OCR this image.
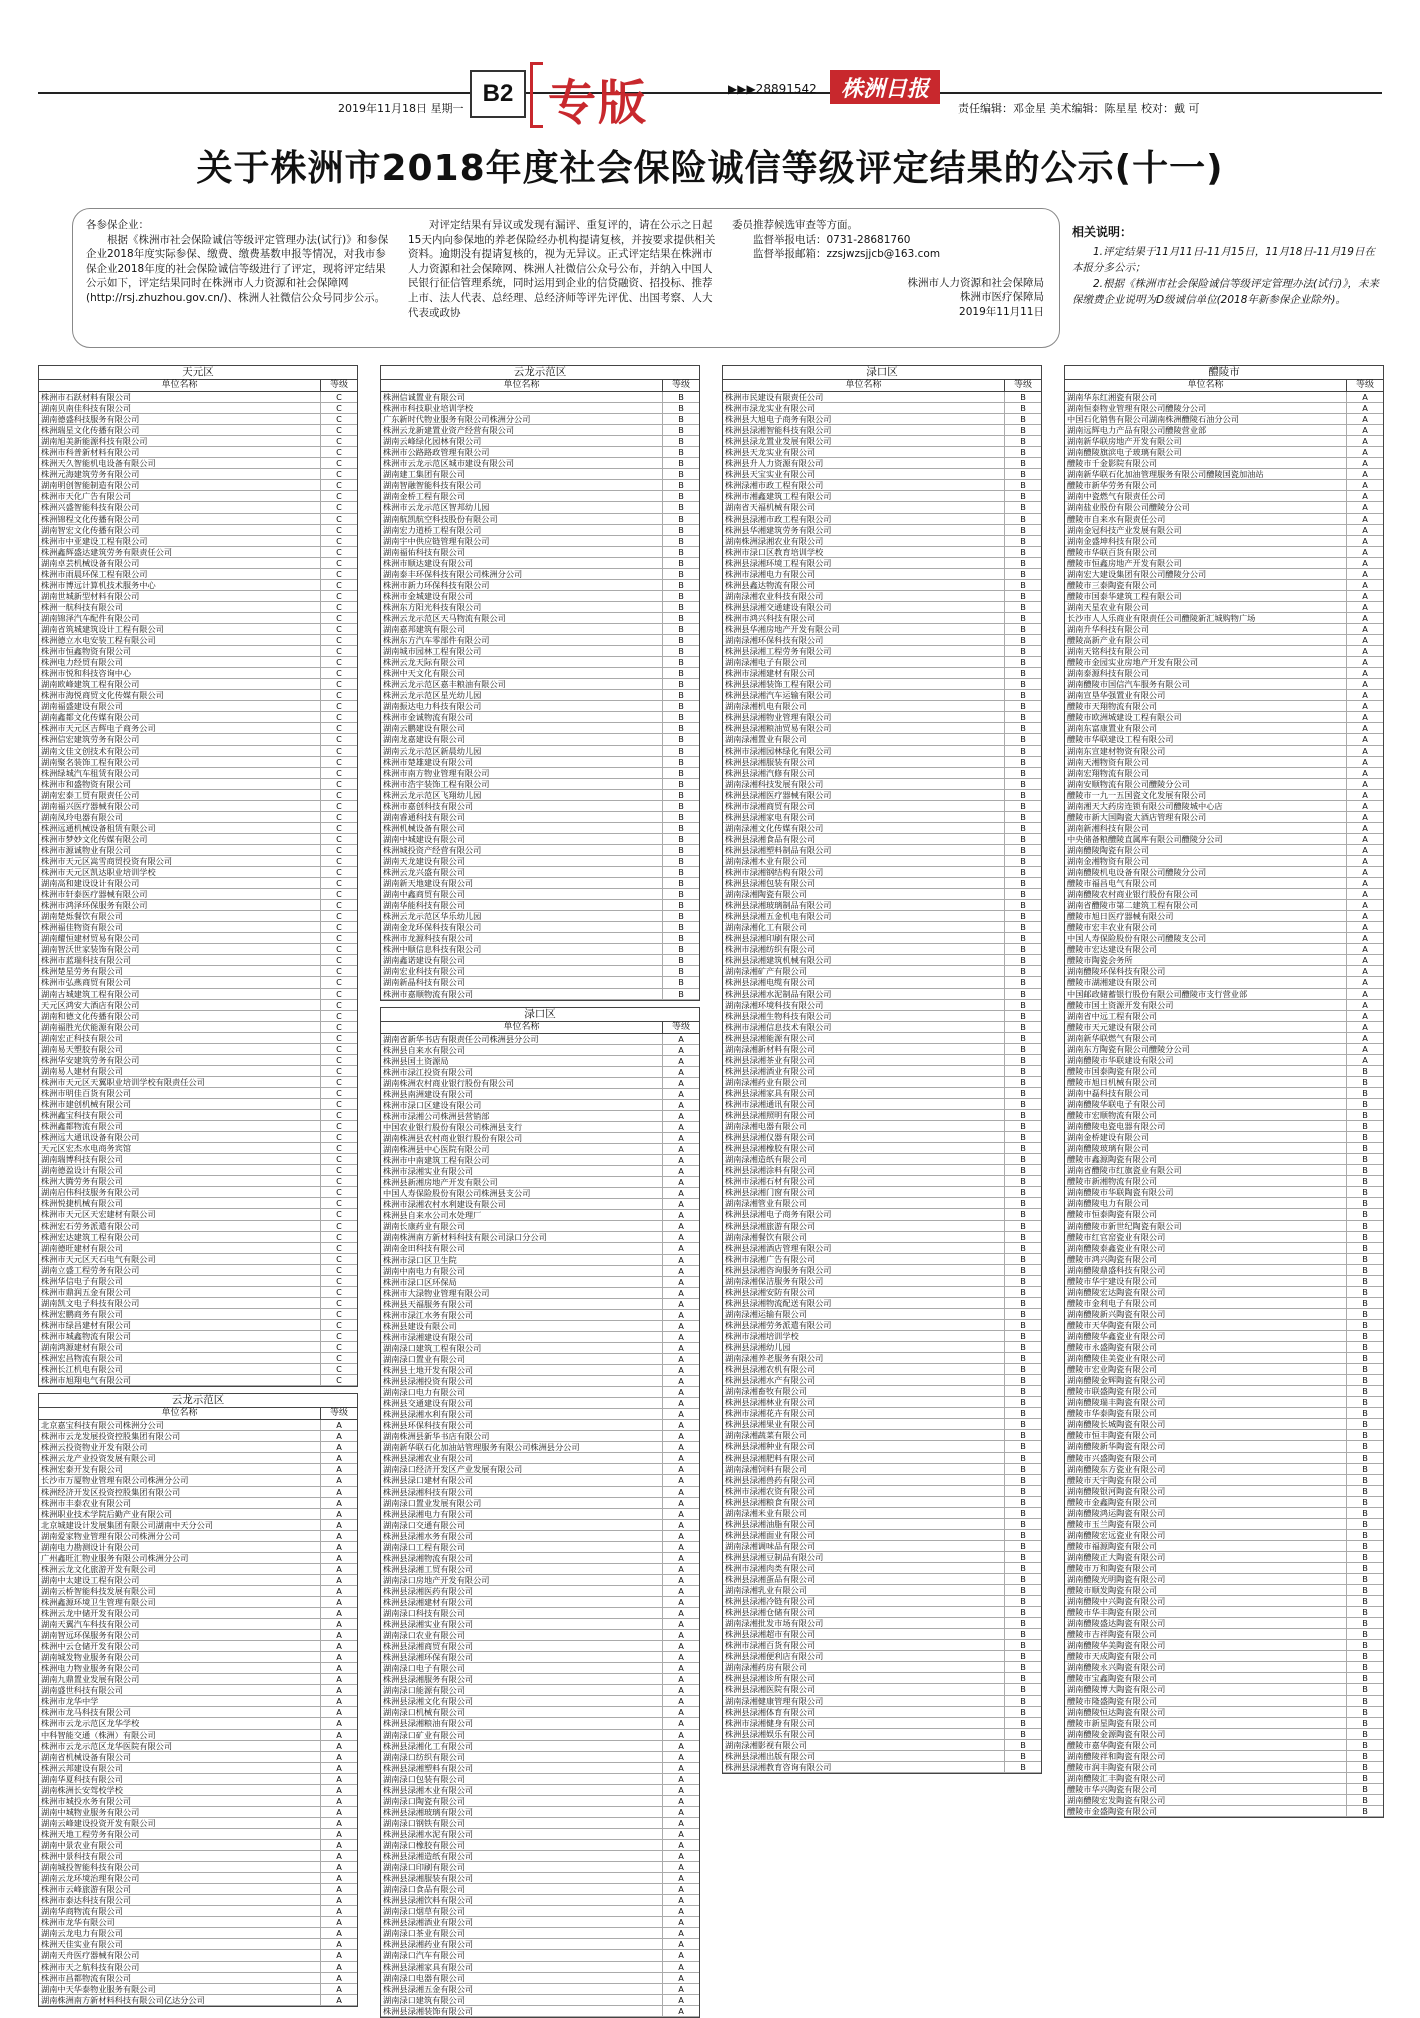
2019年11月18日 星期一
B2 专版	▶▶▶28891542	株洲日报
责任编辑：邓金星 美术编辑：陈星星 校对：戴 可
关于株洲市2018年度社会保险诚信等级评定结果的公示(十一)

各参保企业：

根据《株洲市社会保险诚信等级评定管理办法(试行)》和参保企业2018年度实际参保、缴费、缴费基数申报等情况，对我市参保企业2018年度的社会保险诚信等级进行了评定，现将评定结果公示如下，评定结果同时在株洲市人力资源和社会保障网(http://rsj.zhuzhou.gov.cn/)、株洲人社微信公众号同步公示。

对评定结果有异议或发现有漏评、重复评的，请在公示之日起15天内向参保地的养老保险经办机构提请复核，并按要求提供相关资料。逾期没有提请复核的，视为无异议。正式评定结果在株洲市人力资源和社会保障网、株洲人社微信公众号公布，并纳入中国人民银行征信管理系统，同时运用到企业的信贷融资、招投标、推荐上市、法人代表、总经理、总经济师等评先评优、出国考察、人大代表或政协

委员推荐候选审查等方面。

监督举报电话：0731-28681760

监督举报邮箱：zzsjwzsjjcb@163.com

株洲市人力资源和社会保障局

株洲市医疗保障局

2019年11月11日

相关说明：

1.评定结果于11月11日-11月15日，11月18日-11月19日在本报分多公示；

2.根据《株洲市社会保险诚信等级评定管理办法(试行)》，未来保缴费企业说明为D级诚信单位(2018年新参保企业除外)。

天元区
单位名称	等级
株洲市石跃材料有限公司	C
湖南贝南佳科技有限公司	C
湖南德盛科技服务有限公司	C
株洲瑞星文化传播有限公司	C
湖南旭美新能源科技有限公司	C
株洲市科普新材料有限公司	C
株洲天久智能机电设备有限公司	C
株洲元海建筑劳务有限公司	C
湖南明创智能制造有限公司	C
株洲市天化广告有限公司	C
株洲兴盛智能科技有限公司	C
株洲锦程文化传播有限公司	C
湖南智宏文化传播有限公司	C
株洲市中亚建设工程有限公司	C
株洲鑫辉盛达建筑劳务有限责任公司	C
湖南卓芸机械设备有限公司	C
株洲市雨晨环保工程有限公司	C
株洲市博远计算机技术服务中心	C
湖南世城新型材料有限公司	C
株洲一航科技有限公司	C
湖南锦泽汽车配件有限公司	C
湖南省筑城建筑设计工程有限公司	C
株洲德立水电安装工程有限公司	C
株洲市恒鑫物资有限公司	C
株洲电力经贸有限公司	C
株洲市悦和科技咨询中心	C
湖南欧峰建筑工程有限公司	C
株洲市海悦商贸文化传媒有限公司	C
湖南福盛建设有限公司	C
湖南鑫都文化传媒有限公司	C
株洲市天元区吉辉电子商务公司	C
株洲信宏建筑劳务有限公司	C
湖南文佳文创技术有限公司	C
湖南聚名装饰工程有限公司	C
株洲绿城汽车租赁有限公司	C
株洲市和盛物资有限公司	C
湖南宏泰工贸有限责任公司	C
湖南福兴医疗器械有限公司	C
湖南凤玲电器有限公司	C
株洲远通机械设备租赁有限公司	C
株洲市梦妙文化传媒有限公司	C
株洲市源诚物业有限公司	C
株洲市天元区嵩雪商贸投资有限公司	C
株洲市天元区凯达职业培训学校	C
湖南高和建设设计有限公司	C
株洲市轩泰医疗器械有限公司	C
株洲市鸿泽环保服务有限公司	C
湖南楚烁餐饮有限公司	C
株洲福佳物资有限公司	C
湖南耀恒建材贸易有限公司	C
湖南智沃世家装饰有限公司	C
株洲市蓝瑞科技有限公司	C
株洲楚星劳务有限公司	C
株洲市弘燕商贸有限公司	C
湖南古城建筑工程有限公司	C
天元区鸿安大酒店有限公司	C
湖南和德文化传播有限公司	C
湖南福胜光伏能源有限公司	C
湖南宏正科技有限公司	C
湖南易天塑胶有限公司	C
株洲华安建筑劳务有限公司	C
湖南易人建材有限公司	C
株洲市天元区天翼职业培训学校有限责任公司	C
株洲市明佳百货有限公司	C
株洲市建创机械有限公司	C
株洲鑫宝科技有限公司	C
株洲鑫都物流有限公司	C
株洲远大通讯设备有限公司	C
天元区宏杰水电商务宾馆	C
湖南瑞博科技有限公司	C
湖南德盈设计有限公司	C
株洲大腾劳务有限公司	C
湖南启伟科技服务有限公司	C
株洲悦捷机械有限公司	C
株洲市天元区天宏建材有限公司	C
株洲宏石劳务派遣有限公司	C
株洲宏达建筑工程有限公司	C
湖南德旺建材有限公司	C
株洲市天元区天石电气有限公司	C
湖南立盛工程劳务有限公司	C
株洲华信电子有限公司	C
株洲市鼎润五金有限公司	C
湖南凯文电子科技有限公司	C
株洲宏鹏商务有限公司	C
株洲市绿昌建材有限公司	C
株洲市城鑫物流有限公司	C
湖南鸿源建材有限公司	C
株洲宏昌物流有限公司	C
株洲长江机电有限公司	C
株洲市旭翔电气有限公司	C
云龙示范区
单位名称	等级
北京嘉宝科技有限公司株洲分公司	A
株洲市云龙发展投资控股集团有限公司	A
株洲云投资物业开发有限公司	A
株洲云龙产业投资发展有限公司	A
株洲宏泰开发有限公司	A
长沙市万厦物业管理有限公司株洲分公司	A
株洲经济开发区投资控股集团有限公司	A
株洲市丰泰农业有限公司	A
株洲职业技术学院后勤产业有限公司	A
北京城建设计发展集团有限公司湖南中天分公司	A
湖南爱家物业管理有限公司株洲分公司	A
湖南电力勘测设计有限公司	A
广州鑫旺汇物业服务有限公司株洲分公司	A
株洲云龙文化旅游开发有限公司	A
湖南中太建设工程有限公司	A
湖南云桥智能科技发展有限公司	A
株洲鑫源环境卫生管理有限公司	A
株洲云龙中储开发有限公司	A
湖南天翼汽车科技有限公司	A
湖南智远环保服务有限公司	A
株洲中云仓储开发有限公司	A
湖南城发物业服务有限公司	A
株洲电力物业服务有限公司	A
湖南九鼎置业发展有限公司	A
湖南盛世科技有限公司	A
株洲市龙华中学	A
株洲市龙马科技有限公司	A
株洲市云龙示范区龙华学校	A
中科智能交通（株洲）有限公司	A
株洲市云龙示范区龙华医院有限公司	A
湖南省机械设备有限公司	A
株洲云邦建设有限公司	A
湖南华夏科技有限公司	A
湖南株洲长安驾校学校	A
株洲市城投水务有限公司	A
湖南中城物业服务有限公司	A
湖南云峰建设投资开发有限公司	A
株洲天地工程劳务有限公司	A
湖南中景农业有限公司	A
株洲中景科技有限公司	A
湖南城投智能科技有限公司	A
湖南云龙环境治理有限公司	A
株洲市云峰旅游有限公司	A
株洲市泰达科技有限公司	A
湖南华商物流有限公司	A
株洲市龙华有限公司	A
湖南云龙电力有限公司	A
株洲天佳实业有限公司	A
湖南天舟医疗器械有限公司	A
株洲市天之航科技有限公司	A
株洲市昌都物流有限公司	A
湖南中天华泰物业服务有限公司	A
湖南株洲南方新材料科技有限公司亿达分公司	A
云龙示范区
单位名称	等级
株洲信诚置业有限公司	B
株洲市科技职业培训学校	B
广东新时代物业服务有限公司株洲分公司	B
株洲云龙新建置业资产经营有限公司	B
湖南云峰绿化园林有限公司	B
株洲市公路路政管理有限公司	B
株洲市云龙示范区城市建设有限公司	B
湖南建工集团有限公司	B
湖南智融智能科技有限公司	B
湖南金桥工程有限公司	B
株洲市云龙示范区智邦幼儿园	B
湖南航凯航空科技股份有限公司	B
湖南宏力道桥工程有限公司	B
湖南宇中供应链管理有限公司	B
湖南福佑科技有限公司	B
株洲市顺达建设有限公司	B
湖南泰丰环保科技有限公司株洲分公司	B
株洲市新力环保科技有限公司	B
株洲市金城建设有限公司	B
株洲东方阳光科技有限公司	B
株洲云龙示范区天马物流有限公司	B
湖南嘉邦建筑有限公司	B
株洲东方汽车零部件有限公司	B
湖南城市园林工程有限公司	B
株洲云龙天际有限公司	B
株洲中天文化有限公司	B
株洲云龙示范区嘉丰粮油有限公司	B
株洲云龙示范区星光幼儿园	B
湖南振达电力科技有限公司	B
株洲市金诚物流有限公司	B
湖南云鹏建设有限公司	B
湖南龙嘉建设有限公司	B
湖南云龙示范区新晨幼儿园	B
株洲市楚雄建设有限公司	B
株洲市南方物业管理有限公司	B
株洲市浩宇装饰工程有限公司	B
株洲云龙示范区飞翔幼儿园	B
株洲市嘉创科技有限公司	B
湖南睿通科技有限公司	B
株洲机械设备有限公司	B
湖南中城建设有限公司	B
株洲城投资产经营有限公司	B
湖南天龙建设有限公司	B
株洲云龙兴盛有限公司	B
湖南新天地建设有限公司	B
湖南中鑫商贸有限公司	B
湖南华能科技有限公司	B
株洲云龙示范区华乐幼儿园	B
湖南金龙环保科技有限公司	B
株洲市龙源科技有限公司	B
株洲中顺信息科技有限公司	B
湖南鑫诺建设有限公司	B
湖南宏业科技有限公司	B
湖南新晶科技有限公司	B
株洲市嘉顺物流有限公司	B
渌口区
单位名称	等级
湖南省新华书店有限责任公司株洲县分公司	A
株洲县自来水有限公司	A
株洲县国土资源局	A
株洲市渌江投资有限公司	A
湖南株洲农村商业银行股份有限公司	A
株洲县南洲建设有限公司	A
株洲市渌口区建设有限公司	A
株洲市渌湘公司株洲县营销部	A
中国农业银行股份有限公司株洲县支行	A
湖南株洲县农村商业银行股份有限公司	A
湖南株洲县中心医院有限公司	A
株洲市中南建筑工程有限公司	A
株洲市渌湘实业有限公司	A
株洲县新湘房地产开发有限公司	A
中国人寿保险股份有限公司株洲县支公司	A
株洲市渌湘农村水利建设有限公司	A
株洲县自来水公司水处理厂	A
湖南长康药业有限公司	A
湖南株洲南方新材料科技有限公司渌口分公司	A
湖南金田科技有限公司	A
株洲市渌口区卫生院	A
湖南中南电力有限公司	A
株洲市渌口区环保局	A
株洲市大渌物业管理有限公司	A
株洲县天福服务有限公司	A
株洲市渌江水务有限公司	A
株洲县建设有限公司	A
株洲市渌湘建设有限公司	A
湖南渌口建筑工程有限公司	A
湖南渌口置业有限公司	A
株洲县土地开发有限公司	A
株洲县渌湘投资有限公司	A
湖南渌口电力有限公司	A
株洲县交通建设有限公司	A
株洲县渌湘水利有限公司	A
株洲县环保科技有限公司	A
湖南株洲县新华书店有限公司	A
湖南新华联石化加油站管理服务有限公司株洲县分公司	A
株洲县渌湘农业有限公司	A
湖南渌口经济开发区产业发展有限公司	A
株洲县渌口建材有限公司	A
株洲县渌湘科技有限公司	A
湖南渌口置业发展有限公司	A
株洲县渌湘电力有限公司	A
湖南渌口交通有限公司	A
株洲县渌湘水务有限公司	A
湖南渌口工程有限公司	A
株洲县渌湘物流有限公司	A
株洲县渌湘工贸有限公司	A
湖南渌口房地产开发有限公司	A
株洲县渌湘医药有限公司	A
株洲县渌湘建材有限公司	A
湖南渌口科技有限公司	A
株洲县渌湘实业有限公司	A
湖南渌口农业有限公司	A
株洲县渌湘商贸有限公司	A
株洲县渌湘环保有限公司	A
湖南渌口电子有限公司	A
株洲县渌湘服务有限公司	A
湖南渌口能源有限公司	A
株洲县渌湘文化有限公司	A
湖南渌口机械有限公司	A
株洲县渌湘粮油有限公司	A
湖南渌口矿业有限公司	A
株洲县渌湘化工有限公司	A
湖南渌口纺织有限公司	A
株洲县渌湘塑料有限公司	A
湖南渌口包装有限公司	A
株洲县渌湘木业有限公司	A
湖南渌口陶瓷有限公司	A
株洲县渌湘玻璃有限公司	A
湖南渌口钢铁有限公司	A
株洲县渌湘水泥有限公司	A
湖南渌口橡胶有限公司	A
株洲县渌湘造纸有限公司	A
湖南渌口印刷有限公司	A
株洲县渌湘服装有限公司	A
湖南渌口食品有限公司	A
株洲县渌湘饮料有限公司	A
湖南渌口烟草有限公司	A
株洲县渌湘酒业有限公司	A
湖南渌口茶业有限公司	A
株洲县渌湘药业有限公司	A
湖南渌口汽车有限公司	A
株洲县渌湘家具有限公司	A
湖南渌口电器有限公司	A
株洲县渌湘五金有限公司	A
湖南渌口建筑有限公司	A
株洲县渌湘装饰有限公司	A
渌口区
单位名称	等级
株洲市民建设有限责任公司	B
株洲市渌龙实业有限公司	B
株洲县大旭电子商务有限公司	B
株洲县渌湘智能科技有限公司	B
株洲县渌龙置业发展有限公司	B
株洲县天龙实业有限公司	B
株洲县升人力资源有限公司	B
株洲县天宝实业有限公司	B
株洲渌湘市政工程有限公司	B
株洲市湘鑫建筑工程有限公司	B
湖南省天福机械有限公司	B
株洲县渌湘市政工程有限公司	B
株洲县华湘建筑劳务有限公司	B
湖南株洲渌湘农业有限公司	B
株洲市渌口区教育培训学校	B
株洲县渌湘环境工程有限公司	B
株洲市渌湘电力有限公司	B
株洲县鑫达物流有限公司	B
湖南渌湘农业科技有限公司	B
株洲县渌湘交通建设有限公司	B
株洲市鸿兴科技有限公司	B
株洲县华湘房地产开发有限公司	B
湖南渌湘环保科技有限公司	B
株洲县渌湘工程劳务有限公司	B
湖南渌湘电子有限公司	B
株洲市渌湘建材有限公司	B
株洲县渌湘装饰工程有限公司	B
株洲县渌湘汽车运输有限公司	B
湖南渌湘机电有限公司	B
株洲县渌湘物业管理有限公司	B
株洲县渌湘粮油贸易有限公司	B
湖南渌湘置业有限公司	B
株洲市渌湘园林绿化有限公司	B
株洲县渌湘服装有限公司	B
株洲县渌湘汽修有限公司	B
湖南渌湘科技发展有限公司	B
株洲县渌湘医疗器械有限公司	B
株洲市渌湘商贸有限公司	B
株洲县渌湘家电有限公司	B
湖南渌湘文化传媒有限公司	B
株洲县渌湘食品有限公司	B
株洲县渌湘塑料制品有限公司	B
湖南渌湘木业有限公司	B
株洲市渌湘钢结构有限公司	B
株洲县渌湘包装有限公司	B
湖南渌湘陶瓷有限公司	B
株洲县渌湘玻璃制品有限公司	B
株洲县渌湘五金机电有限公司	B
湖南渌湘化工有限公司	B
株洲县渌湘印刷有限公司	B
株洲市渌湘纺织有限公司	B
株洲县渌湘建筑机械有限公司	B
湖南渌湘矿产有限公司	B
株洲县渌湘电缆有限公司	B
株洲县渌湘水泥制品有限公司	B
湖南渌湘环境科技有限公司	B
株洲县渌湘生物科技有限公司	B
株洲市渌湘信息技术有限公司	B
株洲县渌湘能源有限公司	B
湖南渌湘新材料有限公司	B
株洲县渌湘茶业有限公司	B
株洲县渌湘酒业有限公司	B
湖南渌湘药业有限公司	B
株洲县渌湘家具有限公司	B
株洲市渌湘通讯有限公司	B
株洲县渌湘照明有限公司	B
湖南渌湘电器有限公司	B
株洲县渌湘仪器有限公司	B
株洲县渌湘橡胶有限公司	B
湖南渌湘造纸有限公司	B
株洲县渌湘涂料有限公司	B
株洲市渌湘石材有限公司	B
株洲县渌湘门窗有限公司	B
湖南渌湘管业有限公司	B
株洲县渌湘电子商务有限公司	B
株洲县渌湘旅游有限公司	B
湖南渌湘餐饮有限公司	B
株洲县渌湘酒店管理有限公司	B
株洲市渌湘广告有限公司	B
株洲县渌湘咨询服务有限公司	B
湖南渌湘保洁服务有限公司	B
株洲县渌湘安防有限公司	B
株洲县渌湘物流配送有限公司	B
湖南渌湘运输有限公司	B
株洲县渌湘劳务派遣有限公司	B
株洲市渌湘培训学校	B
株洲县渌湘幼儿园	B
湖南渌湘养老服务有限公司	B
株洲县渌湘农机有限公司	B
株洲县渌湘水产有限公司	B
湖南渌湘畜牧有限公司	B
株洲县渌湘林业有限公司	B
株洲市渌湘花卉有限公司	B
株洲县渌湘果业有限公司	B
湖南渌湘蔬菜有限公司	B
株洲县渌湘种业有限公司	B
株洲县渌湘肥料有限公司	B
湖南渌湘饲料有限公司	B
株洲县渌湘兽药有限公司	B
株洲市渌湘农资有限公司	B
株洲县渌湘粮食有限公司	B
湖南渌湘米业有限公司	B
株洲县渌湘油脂有限公司	B
株洲县渌湘面业有限公司	B
湖南渌湘调味品有限公司	B
株洲县渌湘豆制品有限公司	B
株洲市渌湘肉类有限公司	B
株洲县渌湘蛋品有限公司	B
湖南渌湘乳业有限公司	B
株洲县渌湘冷链有限公司	B
株洲县渌湘仓储有限公司	B
湖南渌湘批发市场有限公司	B
株洲县渌湘超市有限公司	B
株洲市渌湘百货有限公司	B
株洲县渌湘便利店有限公司	B
湖南渌湘药房有限公司	B
株洲县渌湘诊所有限公司	B
株洲县渌湘医院有限公司	B
湖南渌湘健康管理有限公司	B
株洲县渌湘体育有限公司	B
株洲市渌湘健身有限公司	B
株洲县渌湘娱乐有限公司	B
湖南渌湘影视有限公司	B
株洲县渌湘出版有限公司	B
株洲县渌湘教育咨询有限公司	B
醴陵市
单位名称	等级
湖南华东红湘瓷有限公司	A
湖南恒泰物业管理有限公司醴陵分公司	A
中国石化销售有限公司湖南株洲醴陵石油分公司	A
湖南远辉电力产品有限公司醴陵营业部	A
湖南新华联房地产开发有限公司	A
湖南醴陵旗滨电子玻璃有限公司	A
醴陵市千金影院有限公司	A
湖南新华联石化加油管理服务有限公司醴陵国瓷加油站	A
醴陵市新华劳务有限公司	A
湖南中瓷燃气有限责任公司	A
湖南盐业股份有限公司醴陵分公司	A
醴陵市自来水有限责任公司	A
湖南金冠科技产业发展有限公司	A
湖南金盛坤科技有限公司	A
醴陵市华联百货有限公司	A
醴陵市恒鑫房地产开发有限公司	A
湖南宏大建设集团有限公司醴陵分公司	A
醴陵市三泰陶瓷有限公司	A
醴陵市国泰华建筑工程有限公司	A
湖南天星农业有限公司	A
长沙市人人乐商业有限责任公司醴陵新汇城购物广场	A
湖南升华科技有限公司	A
醴陵高新产业有限公司	A
湖南天铭科技有限公司	A
醴陵市金园实业房地产开发有限公司	A
湖南泰源科技有限公司	A
湖南醴陵市国信汽车服务有限公司	A
湖南宣垦华强置业有限公司	A
醴陵市天翔物流有限公司	A
醴陵市欧洲城建设工程有限公司	A
湖南东富康置业有限公司	A
醴陵市华联建设工程有限公司	A
湖南东宣建材物资有限公司	A
湖南天湘物资有限公司	A
湖南宏翔物流有限公司	A
湖南安顺物流有限公司醴陵分公司	A
醴陵市一九一五国瓷文化发展有限公司	A
湖南湘天大药房连锁有限公司醴陵城中心店	A
醴陵市新大国陶瓷大酒店管理有限公司	A
湖南新湘科技有限公司	A
中央储备粮醴陵直属库有限公司醴陵分公司	A
湖南醴陵陶瓷有限公司	A
湖南金湘物资有限公司	A
湖南醴陵机电设备有限公司醴陵分公司	A
醴陵市福昌电气有限公司	A
湖南醴陵农村商业银行股份有限公司	A
湖南省醴陵市第二建筑工程有限公司	A
醴陵市旭日医疗器械有限公司	A
醴陵市宏丰农业有限公司	A
中国人寿保险股份有限公司醴陵支公司	A
醴陵市宏达建设有限公司	A
醴陵市陶瓷会务所	A
湖南醴陵环保科技有限公司	A
醴陵市湖湘建设有限公司	A
中国邮政储蓄银行股份有限公司醴陵市支行营业部	A
醴陵市国土资源开发有限公司	A
湖南省中远工程有限公司	A
醴陵市天元建设有限公司	A
湖南新华联燃气有限公司	A
湖南东方陶瓷有限公司醴陵分公司	A
湖南醴陵市华联建设有限公司	A
醴陵市国泰陶瓷有限公司	B
醴陵市旭日机械有限公司	B
湖南中磊科技有限公司	B
湖南醴陵华联电子有限公司	B
醴陵市宏顺物流有限公司	B
湖南醴陵电瓷电器有限公司	B
湖南金桥建设有限公司	B
湖南醴陵玻璃有限公司	B
醴陵市鑫源陶瓷有限公司	B
湖南省醴陵市红旗瓷业有限公司	B
醴陵市新湘物流有限公司	B
湖南醴陵市华联陶瓷有限公司	B
湖南醴陵电力有限公司	B
醴陵市恒泰陶瓷有限公司	B
湖南醴陵市新世纪陶瓷有限公司	B
醴陵市红官窑瓷业有限公司	B
湖南醴陵泰鑫瓷业有限公司	B
醴陵市鸿兴陶瓷有限公司	B
湖南醴陵鼎盛科技有限公司	B
醴陵市华宇建设有限公司	B
湖南醴陵宏达陶瓷有限公司	B
醴陵市金利电子有限公司	B
湖南醴陵新兴陶瓷有限公司	B
醴陵市天华陶瓷有限公司	B
湖南醴陵华鑫瓷业有限公司	B
醴陵市永盛陶瓷有限公司	B
湖南醴陵佳美瓷业有限公司	B
醴陵市宏业陶瓷有限公司	B
湖南醴陵金辉陶瓷有限公司	B
醴陵市联盛陶瓷有限公司	B
湖南醴陵瑞丰陶瓷有限公司	B
醴陵市华泰陶瓷有限公司	B
湖南醴陵长城陶瓷有限公司	B
醴陵市恒丰陶瓷有限公司	B
湖南醴陵新华陶瓷有限公司	B
醴陵市兴盛陶瓷有限公司	B
湖南醴陵东方瓷业有限公司	B
醴陵市天宇陶瓷有限公司	B
湖南醴陵银河陶瓷有限公司	B
醴陵市金鑫陶瓷有限公司	B
湖南醴陵鸿运陶瓷有限公司	B
醴陵市玉兰陶瓷有限公司	B
湖南醴陵宏远瓷业有限公司	B
醴陵市福源陶瓷有限公司	B
湖南醴陵正大陶瓷有限公司	B
醴陵市万和陶瓷有限公司	B
湖南醴陵光明陶瓷有限公司	B
醴陵市顺发陶瓷有限公司	B
湖南醴陵中兴陶瓷有限公司	B
醴陵市华丰陶瓷有限公司	B
湖南醴陵盛达陶瓷有限公司	B
醴陵市吉祥陶瓷有限公司	B
湖南醴陵华美陶瓷有限公司	B
醴陵市天成陶瓷有限公司	B
湖南醴陵永兴陶瓷有限公司	B
醴陵市宝鑫陶瓷有限公司	B
湖南醴陵博大陶瓷有限公司	B
醴陵市隆盛陶瓷有限公司	B
湖南醴陵恒达陶瓷有限公司	B
醴陵市新星陶瓷有限公司	B
湖南醴陵金源陶瓷有限公司	B
醴陵市嘉华陶瓷有限公司	B
湖南醴陵祥和陶瓷有限公司	B
醴陵市润丰陶瓷有限公司	B
湖南醴陵汇丰陶瓷有限公司	B
醴陵市华兴陶瓷有限公司	B
湖南醴陵宏发陶瓷有限公司	B
醴陵市金盛陶瓷有限公司	B
